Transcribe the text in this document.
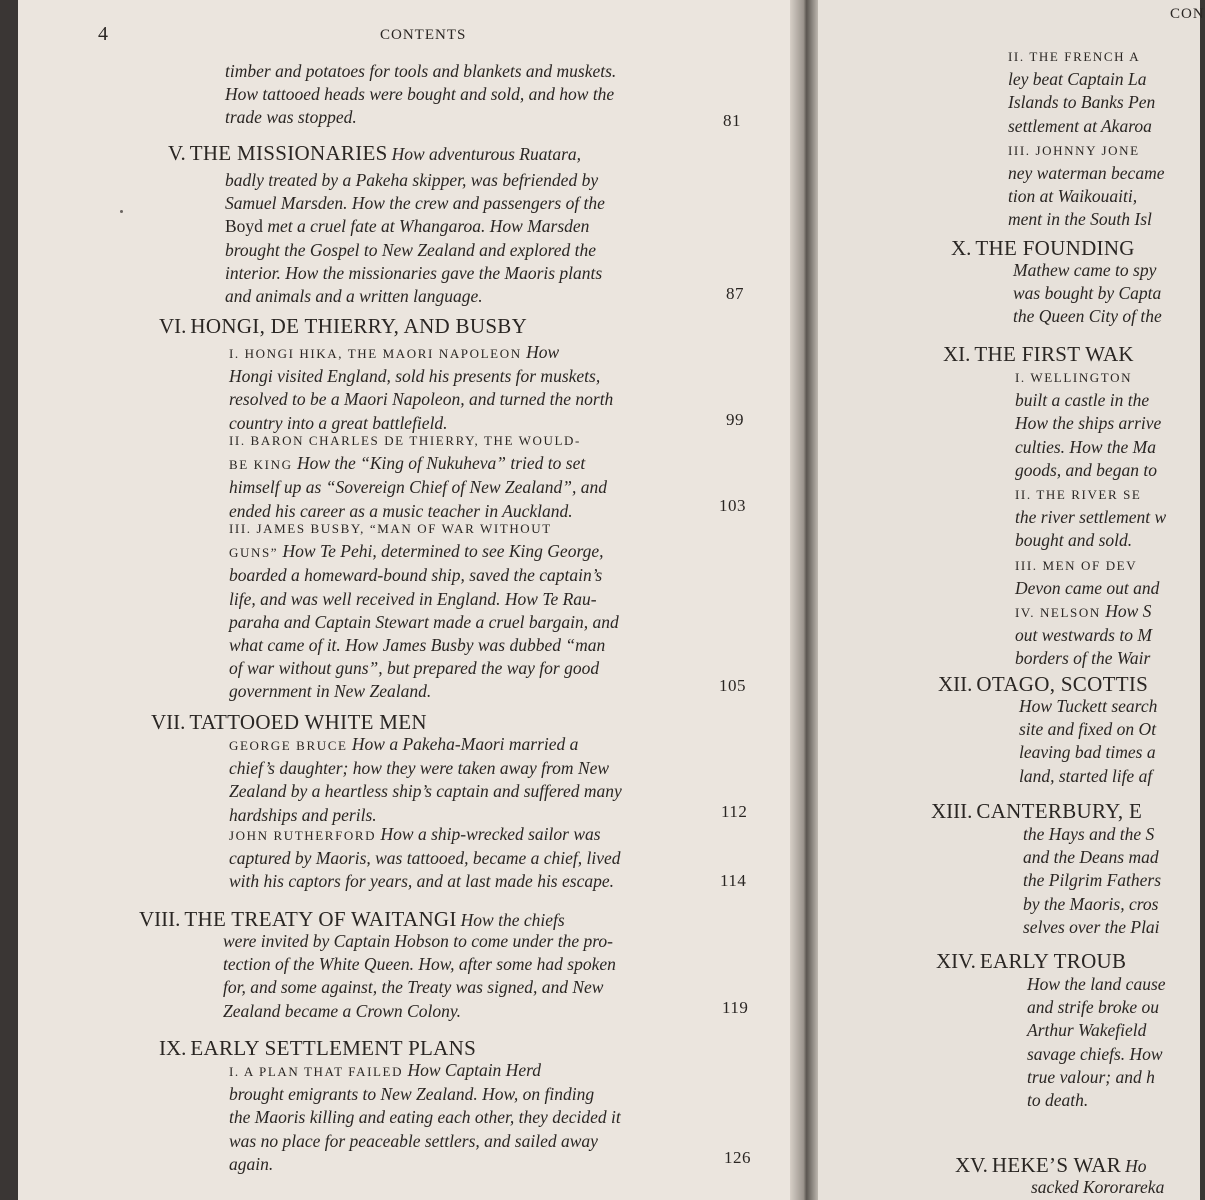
4	CONTENTS
timber and potatoes for tools and blankets and muskets.
How tattooed heads were bought and sold, and how the
trade was stopped.	81
V. THE MISSIONARIES How adventurous Ruatara,
badly treated by a Pakeha skipper, was befriended by
Samuel Marsden. How the crew and passengers of the
Boyd met a cruel fate at Whangaroa. How Marsden
brought the Gospel to New Zealand and explored the
interior. How the missionaries gave the Maoris plants
and animals and a written language.	87
VI. HONGI, DE THIERRY, AND BUSBY
I. HONGI HIKA, THE MAORI NAPOLEON How
Hongi visited England, sold his presents for muskets,
resolved to be a Maori Napoleon, and turned the north
country into a great battlefield.	99
II. BARON CHARLES DE THIERRY, THE WOULD-
BE KING How the “King of Nukuheva” tried to set
himself up as “Sovereign Chief of New Zealand”, and
ended his career as a music teacher in Auckland.	103
III. JAMES BUSBY, “MAN OF WAR WITHOUT
GUNS” How Te Pehi, determined to see King George,
boarded a homeward-bound ship, saved the captain’s
life, and was well received in England. How Te Rau-
paraha and Captain Stewart made a cruel bargain, and
what came of it. How James Busby was dubbed “man
of war without guns”, but prepared the way for good
government in New Zealand.	105
VII. TATTOOED WHITE MEN
GEORGE BRUCE How a Pakeha-Maori married a
chief’s daughter; how they were taken away from New
Zealand by a heartless ship’s captain and suffered many
hardships and perils.	112
JOHN RUTHERFORD How a ship-wrecked sailor was
captured by Maoris, was tattooed, became a chief, lived
with his captors for years, and at last made his escape.	114
VIII. THE TREATY OF WAITANGI How the chiefs
were invited by Captain Hobson to come under the pro-
tection of the White Queen. How, after some had spoken
for, and some against, the Treaty was signed, and New
Zealand became a Crown Colony.	119
IX. EARLY SETTLEMENT PLANS
I. A PLAN THAT FAILED How Captain Herd
brought emigrants to New Zealand. How, on finding
the Maoris killing and eating each other, they decided it
was no place for peaceable settlers, and sailed away
again.	126
CON
II. THE FRENCH A
ley beat Captain La
Islands to Banks Pen
settlement at Akaroa
III. JOHNNY JONE
ney waterman became
tion at Waikouaiti,
ment in the South Isl
X. THE FOUNDING
Mathew came to spy
was bought by Capta
the Queen City of the
XI. THE FIRST WAK
I. WELLINGTON
built a castle in the
How the ships arrive
culties. How the Ma
goods, and began to
II. THE RIVER SE
the river settlement w
bought and sold.
III. MEN OF DEV
Devon came out and
IV. NELSON How S
out westwards to M
borders of the Wair
XII. OTAGO, SCOTTIS
How Tuckett search
site and fixed on Ot
leaving bad times a
land, started life af
XIII. CANTERBURY, E
the Hays and the S
and the Deans mad
the Pilgrim Fathers
by the Maoris, cros
selves over the Plai
XIV. EARLY TROUB
How the land cause
and strife broke ou
Arthur Wakefield
savage chiefs. How
true valour; and h
to death.
XV. HEKE’S WAR Ho
sacked Kororareka
